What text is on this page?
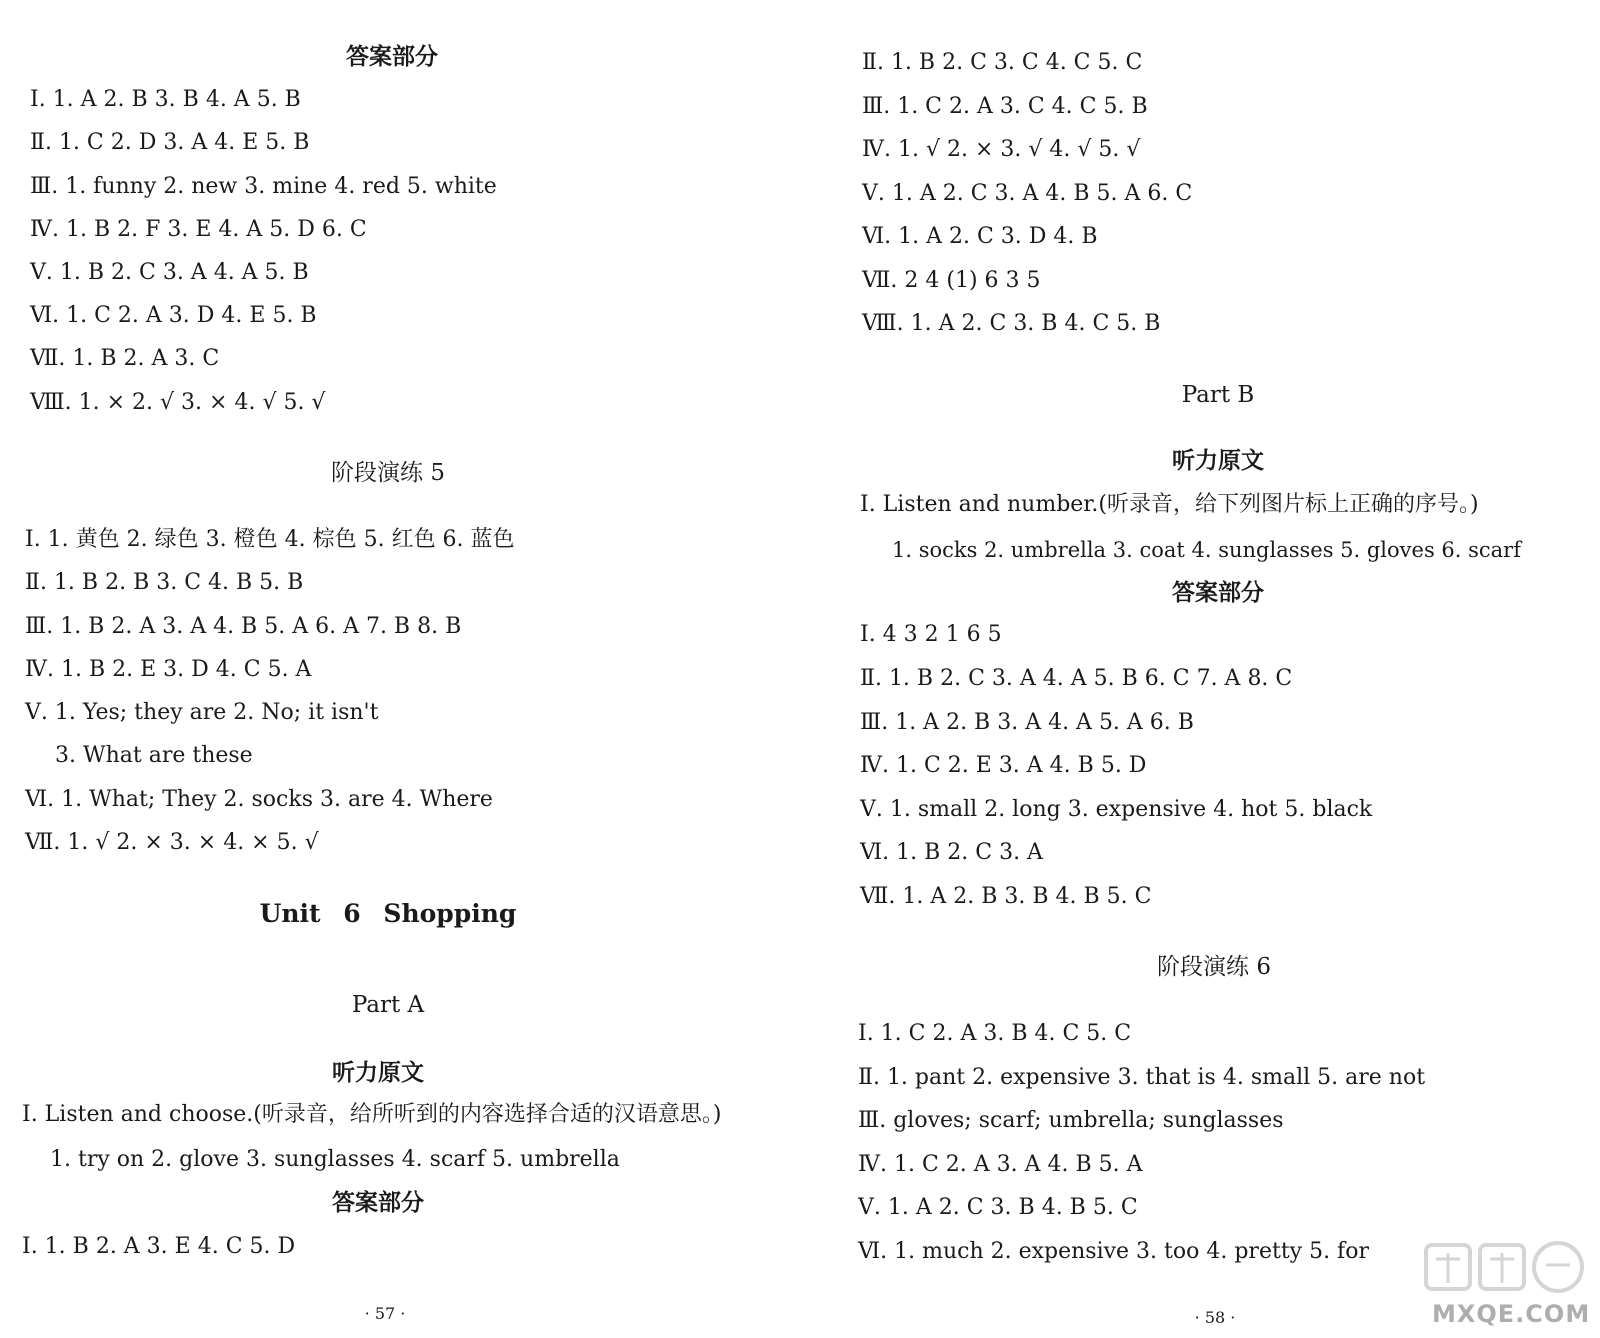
答案部分
Ⅰ. 1. A 2. B 3. B 4. A 5. B
Ⅱ. 1. C 2. D 3. A 4. E 5. B
Ⅲ. 1. funny 2. new 3. mine 4. red 5. white
Ⅳ. 1. B 2. F 3. E 4. A 5. D 6. C
Ⅴ. 1. B 2. C 3. A 4. A 5. B
Ⅵ. 1. C 2. A 3. D 4. E 5. B
Ⅶ. 1. B 2. A 3. C
Ⅷ. 1. × 2. √ 3. × 4. √ 5. √
阶段演练 5
Ⅰ. 1. 黄色 2. 绿色 3. 橙色 4. 棕色 5. 红色 6. 蓝色
Ⅱ. 1. B 2. B 3. C 4. B 5. B
Ⅲ. 1. B 2. A 3. A 4. B 5. A 6. A 7. B 8. B
Ⅳ. 1. B 2. E 3. D 4. C 5. A
Ⅴ. 1. Yes; they are 2. No; it isn't
3. What are these
Ⅵ. 1. What; They 2. socks 3. are 4. Where
Ⅶ. 1. √ 2. × 3. × 4. × 5. √
Unit 6 Shopping
Part A
听力原文
Ⅰ. Listen and choose.(听录音，给所听到的内容选择合适的汉语意思。)
1. try on 2. glove 3. sunglasses 4. scarf 5. umbrella
答案部分
Ⅰ. 1. B 2. A 3. E 4. C 5. D
· 57 ·
Ⅱ. 1. B 2. C 3. C 4. C 5. C
Ⅲ. 1. C 2. A 3. C 4. C 5. B
Ⅳ. 1. √ 2. × 3. √ 4. √ 5. √
Ⅴ. 1. A 2. C 3. A 4. B 5. A 6. C
Ⅵ. 1. A 2. C 3. D 4. B
Ⅶ. 2 4 (1) 6 3 5
Ⅷ. 1. A 2. C 3. B 4. C 5. B
Part B
听力原文
Ⅰ. Listen and number.(听录音，给下列图片标上正确的序号。)
1. socks 2. umbrella 3. coat 4. sunglasses 5. gloves 6. scarf
答案部分
Ⅰ. 4 3 2 1 6 5
Ⅱ. 1. B 2. C 3. A 4. A 5. B 6. C 7. A 8. C
Ⅲ. 1. A 2. B 3. A 4. A 5. A 6. B
Ⅳ. 1. C 2. E 3. A 4. B 5. D
Ⅴ. 1. small 2. long 3. expensive 4. hot 5. black
Ⅵ. 1. B 2. C 3. A
Ⅶ. 1. A 2. B 3. B 4. B 5. C
阶段演练 6
Ⅰ. 1. C 2. A 3. B 4. C 5. C
Ⅱ. 1. pant 2. expensive 3. that is 4. small 5. are not
Ⅲ. gloves; scarf; umbrella; sunglasses
Ⅳ. 1. C 2. A 3. A 4. B 5. A
Ⅴ. 1. A 2. C 3. B 4. B 5. C
Ⅵ. 1. much 2. expensive 3. too 4. pretty 5. for
· 58 ·	MXQE.COM
